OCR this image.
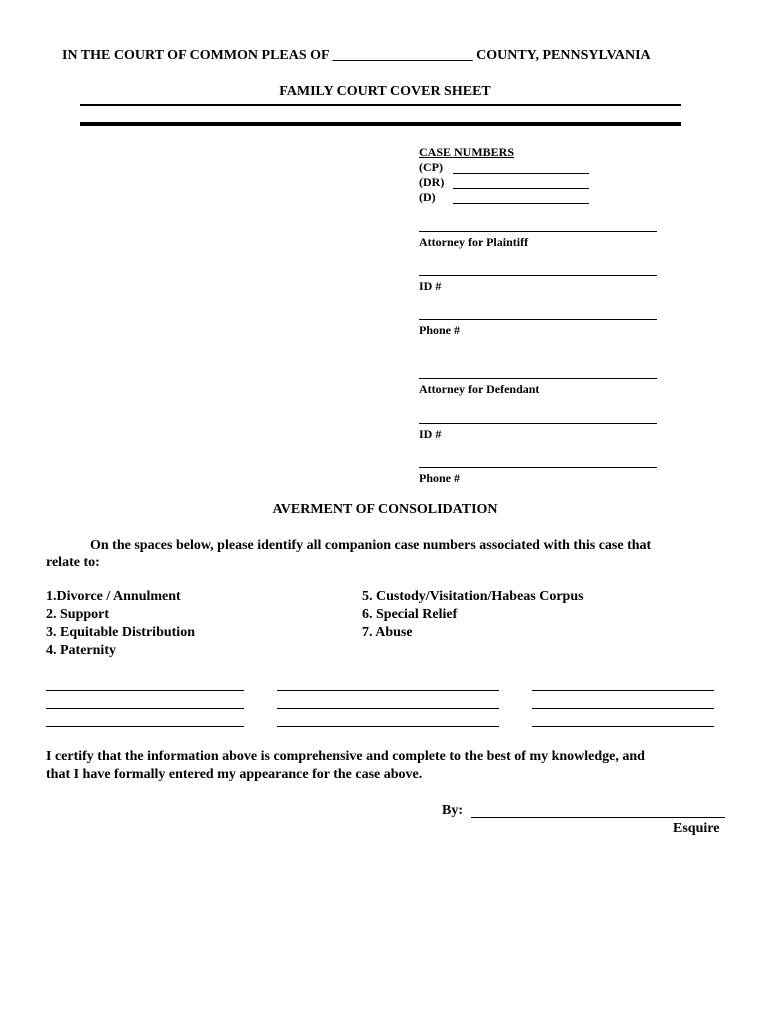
IN THE COURT OF COMMON PLEAS OF ____________________ COUNTY, PENNSYLVANIA
FAMILY COURT COVER SHEET
CASE NUMBERS
(CP)
(DR)
(D)
Attorney for Plaintiff
ID #
Phone #
Attorney for Defendant
ID #
Phone #
AVERMENT OF CONSOLIDATION
On the spaces below, please identify all companion case numbers associated with this case that
relate to:
1.Divorce / Annulment
2. Support
3. Equitable Distribution
4. Paternity
5. Custody/Visitation/Habeas Corpus
6. Special Relief
7. Abuse
I certify that the information above is comprehensive and complete to the best of my knowledge, and
that I have formally entered my appearance for the case above.
By:
Esquire
